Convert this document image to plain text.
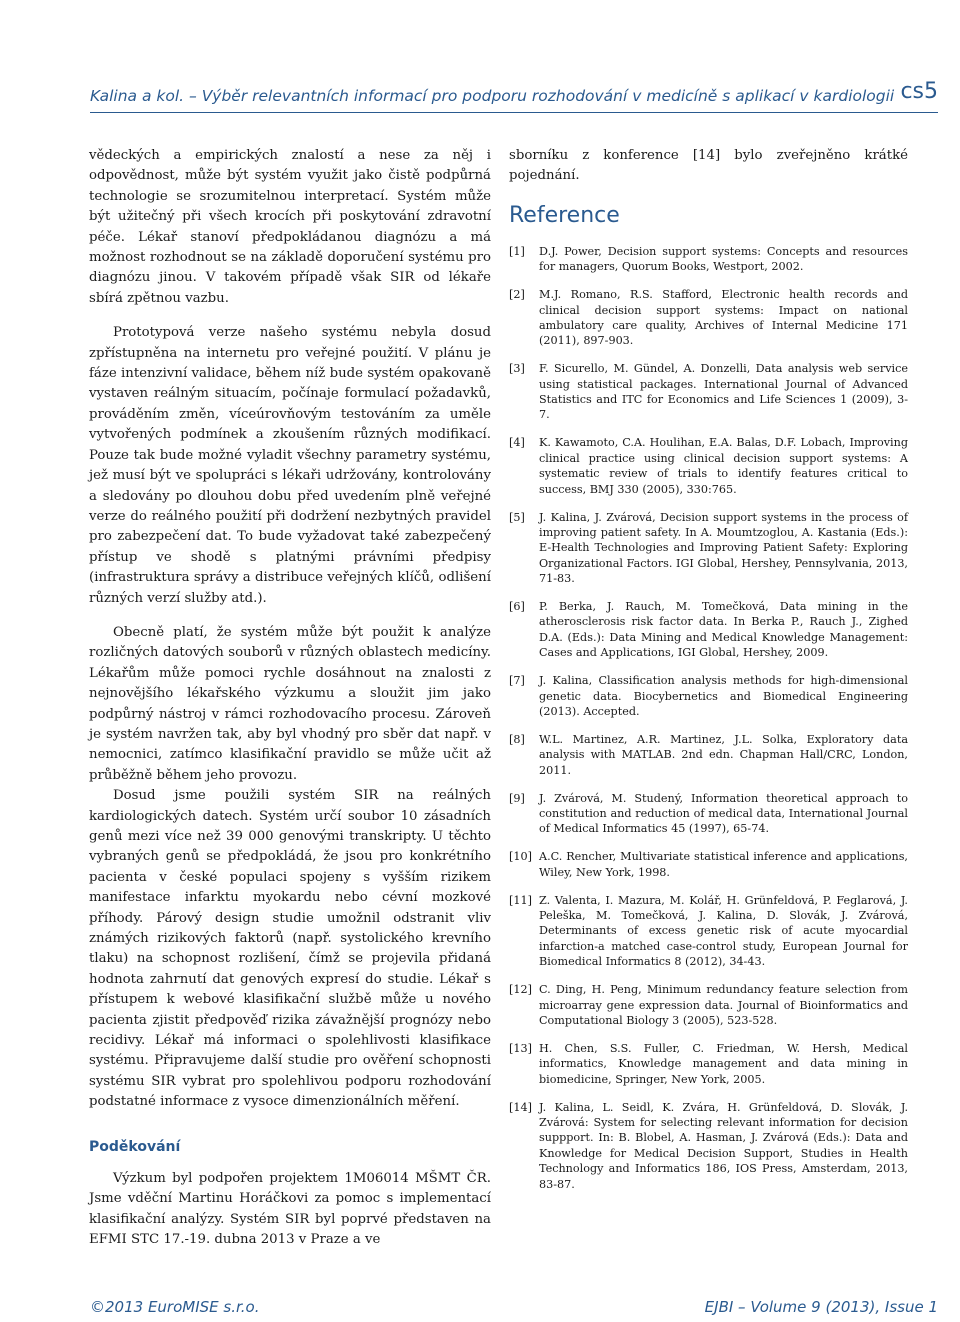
Kalina a kol. – Výběr relevantních informací pro podporu rozhodování v medicíně s aplikací v kardiologii cs5

vědeckých a empirických znalostí a nese za něj i odpovědnost, může být systém využit jako čistě podpůrná technologie se srozumitelnou interpretací. Systém může být užitečný při všech krocích při poskytování zdravotní péče. Lékař stanoví předpokládanou diagnózu a má možnost rozhodnout se na základě doporučení systému pro diagnózu jinou. V takovém případě však SIR od lékaře sbírá zpětnou vazbu.

Prototypová verze našeho systému nebyla dosud zpřístupněna na internetu pro veřejné použití. V plánu je fáze intenzivní validace, během níž bude systém opakovaně vystaven reálným situacím, počínaje formulací požadavků, prováděním změn, víceúrovňovým testováním za uměle vytvořených podmínek a zkoušením různých modifikací. Pouze tak bude možné vyladit všechny parametry systému, jež musí být ve spolupráci s lékaři udržovány, kontrolovány a sledovány po dlouhou dobu před uvedením plně veřejné verze do reálného použití při dodržení nezbytných pravidel pro zabezpečení dat. To bude vyžadovat také zabezpečený přístup ve shodě s platnými právními předpisy (infrastruktura správy a distribuce veřejných klíčů, odlišení různých verzí služby atd.).

Obecně platí, že systém může být použit k analýze rozličných datových souborů v různých oblastech medicíny. Lékařům může pomoci rychle dosáhnout na znalosti z nejnovějšího lékařského výzkumu a sloužit jim jako podpůrný nástroj v rámci rozhodovacího procesu. Zároveň je systém navržen tak, aby byl vhodný pro sběr dat např. v nemocnici, zatímco klasifikační pravidlo se může učit až průběžně během jeho provozu.

Dosud jsme použili systém SIR na reálných kardiologických datech. Systém určí soubor 10 zásadních genů mezi více než 39 000 genovými transkripty. U těchto vybraných genů se předpokládá, že jsou pro konkrétního pacienta v české populaci spojeny s vyšším rizikem manifestace infarktu myokardu nebo cévní mozkové příhody. Párový design studie umožnil odstranit vliv známých rizikových faktorů (např. systolického krevního tlaku) na schopnost rozlišení, čímž se projevila přidaná hodnota zahrnutí dat genových expresí do studie. Lékař s přístupem k webové klasifikační službě může u nového pacienta zjistit předpověď rizika závažnější prognózy nebo recidivy. Lékař má informaci o spolehlivosti klasifikace systému. Připravujeme další studie pro ověření schopnosti systému SIR vybrat pro spolehlivou podporu rozhodování podstatné informace z vysoce dimenzionálních měření.

Poděkování

Výzkum byl podpořen projektem 1M06014 MŠMT ČR. Jsme vděční Martinu Horáčkovi za pomoc s implementací klasifikační analýzy. Systém SIR byl poprvé představen na EFMI STC 17.-19. dubna 2013 v Praze a ve

sborníku z konference [14] bylo zveřejněno krátké pojednání.

Reference
[1] D.J. Power, Decision support systems: Concepts and resources for managers, Quorum Books, Westport, 2002.
[2] M.J. Romano, R.S. Stafford, Electronic health records and clinical decision support systems: Impact on national ambulatory care quality, Archives of Internal Medicine 171 (2011), 897-903.
[3] F. Sicurello, M. Gündel, A. Donzelli, Data analysis web service using statistical packages. International Journal of Advanced Statistics and ITC for Economics and Life Sciences 1 (2009), 3-7.
[4] K. Kawamoto, C.A. Houlihan, E.A. Balas, D.F. Lobach, Improving clinical practice using clinical decision support systems: A systematic review of trials to identify features critical to success, BMJ 330 (2005), 330:765.
[5] J. Kalina, J. Zvárová, Decision support systems in the process of improving patient safety. In A. Moumtzoglou, A. Kastania (Eds.): E-Health Technologies and Improving Patient Safety: Exploring Organizational Factors. IGI Global, Hershey, Pennsylvania, 2013, 71-83.
[6] P. Berka, J. Rauch, M. Tomečková, Data mining in the atherosclerosis risk factor data. In Berka P., Rauch J., Zighed D.A. (Eds.): Data Mining and Medical Knowledge Management: Cases and Applications, IGI Global, Hershey, 2009.
[7] J. Kalina, Classification analysis methods for high-dimensional genetic data. Biocybernetics and Biomedical Engineering (2013). Accepted.
[8] W.L. Martinez, A.R. Martinez, J.L. Solka, Exploratory data analysis with MATLAB. 2nd edn. Chapman Hall/CRC, London, 2011.
[9] J. Zvárová, M. Studený, Information theoretical approach to constitution and reduction of medical data, International Journal of Medical Informatics 45 (1997), 65-74.
[10] A.C. Rencher, Multivariate statistical inference and applications, Wiley, New York, 1998.
[11] Z. Valenta, I. Mazura, M. Kolář, H. Grünfeldová, P. Feglarová, J. Peleška, M. Tomečková, J. Kalina, D. Slovák, J. Zvárová, Determinants of excess genetic risk of acute myocardial infarction-a matched case-control study, European Journal for Biomedical Informatics 8 (2012), 34-43.
[12] C. Ding, H. Peng, Minimum redundancy feature selection from microarray gene expression data. Journal of Bioinformatics and Computational Biology 3 (2005), 523-528.
[13] H. Chen, S.S. Fuller, C. Friedman, W. Hersh, Medical informatics, Knowledge management and data mining in biomedicine, Springer, New York, 2005.
[14] J. Kalina, L. Seidl, K. Zvára, H. Grünfeldová, D. Slovák, J. Zvárová: System for selecting relevant information for decision suppport. In: B. Blobel, A. Hasman, J. Zvárová (Eds.): Data and Knowledge for Medical Decision Support, Studies in Health Technology and Informatics 186, IOS Press, Amsterdam, 2013, 83-87.
©2013 EuroMISE s.r.o.	EJBI – Volume 9 (2013), Issue 1
